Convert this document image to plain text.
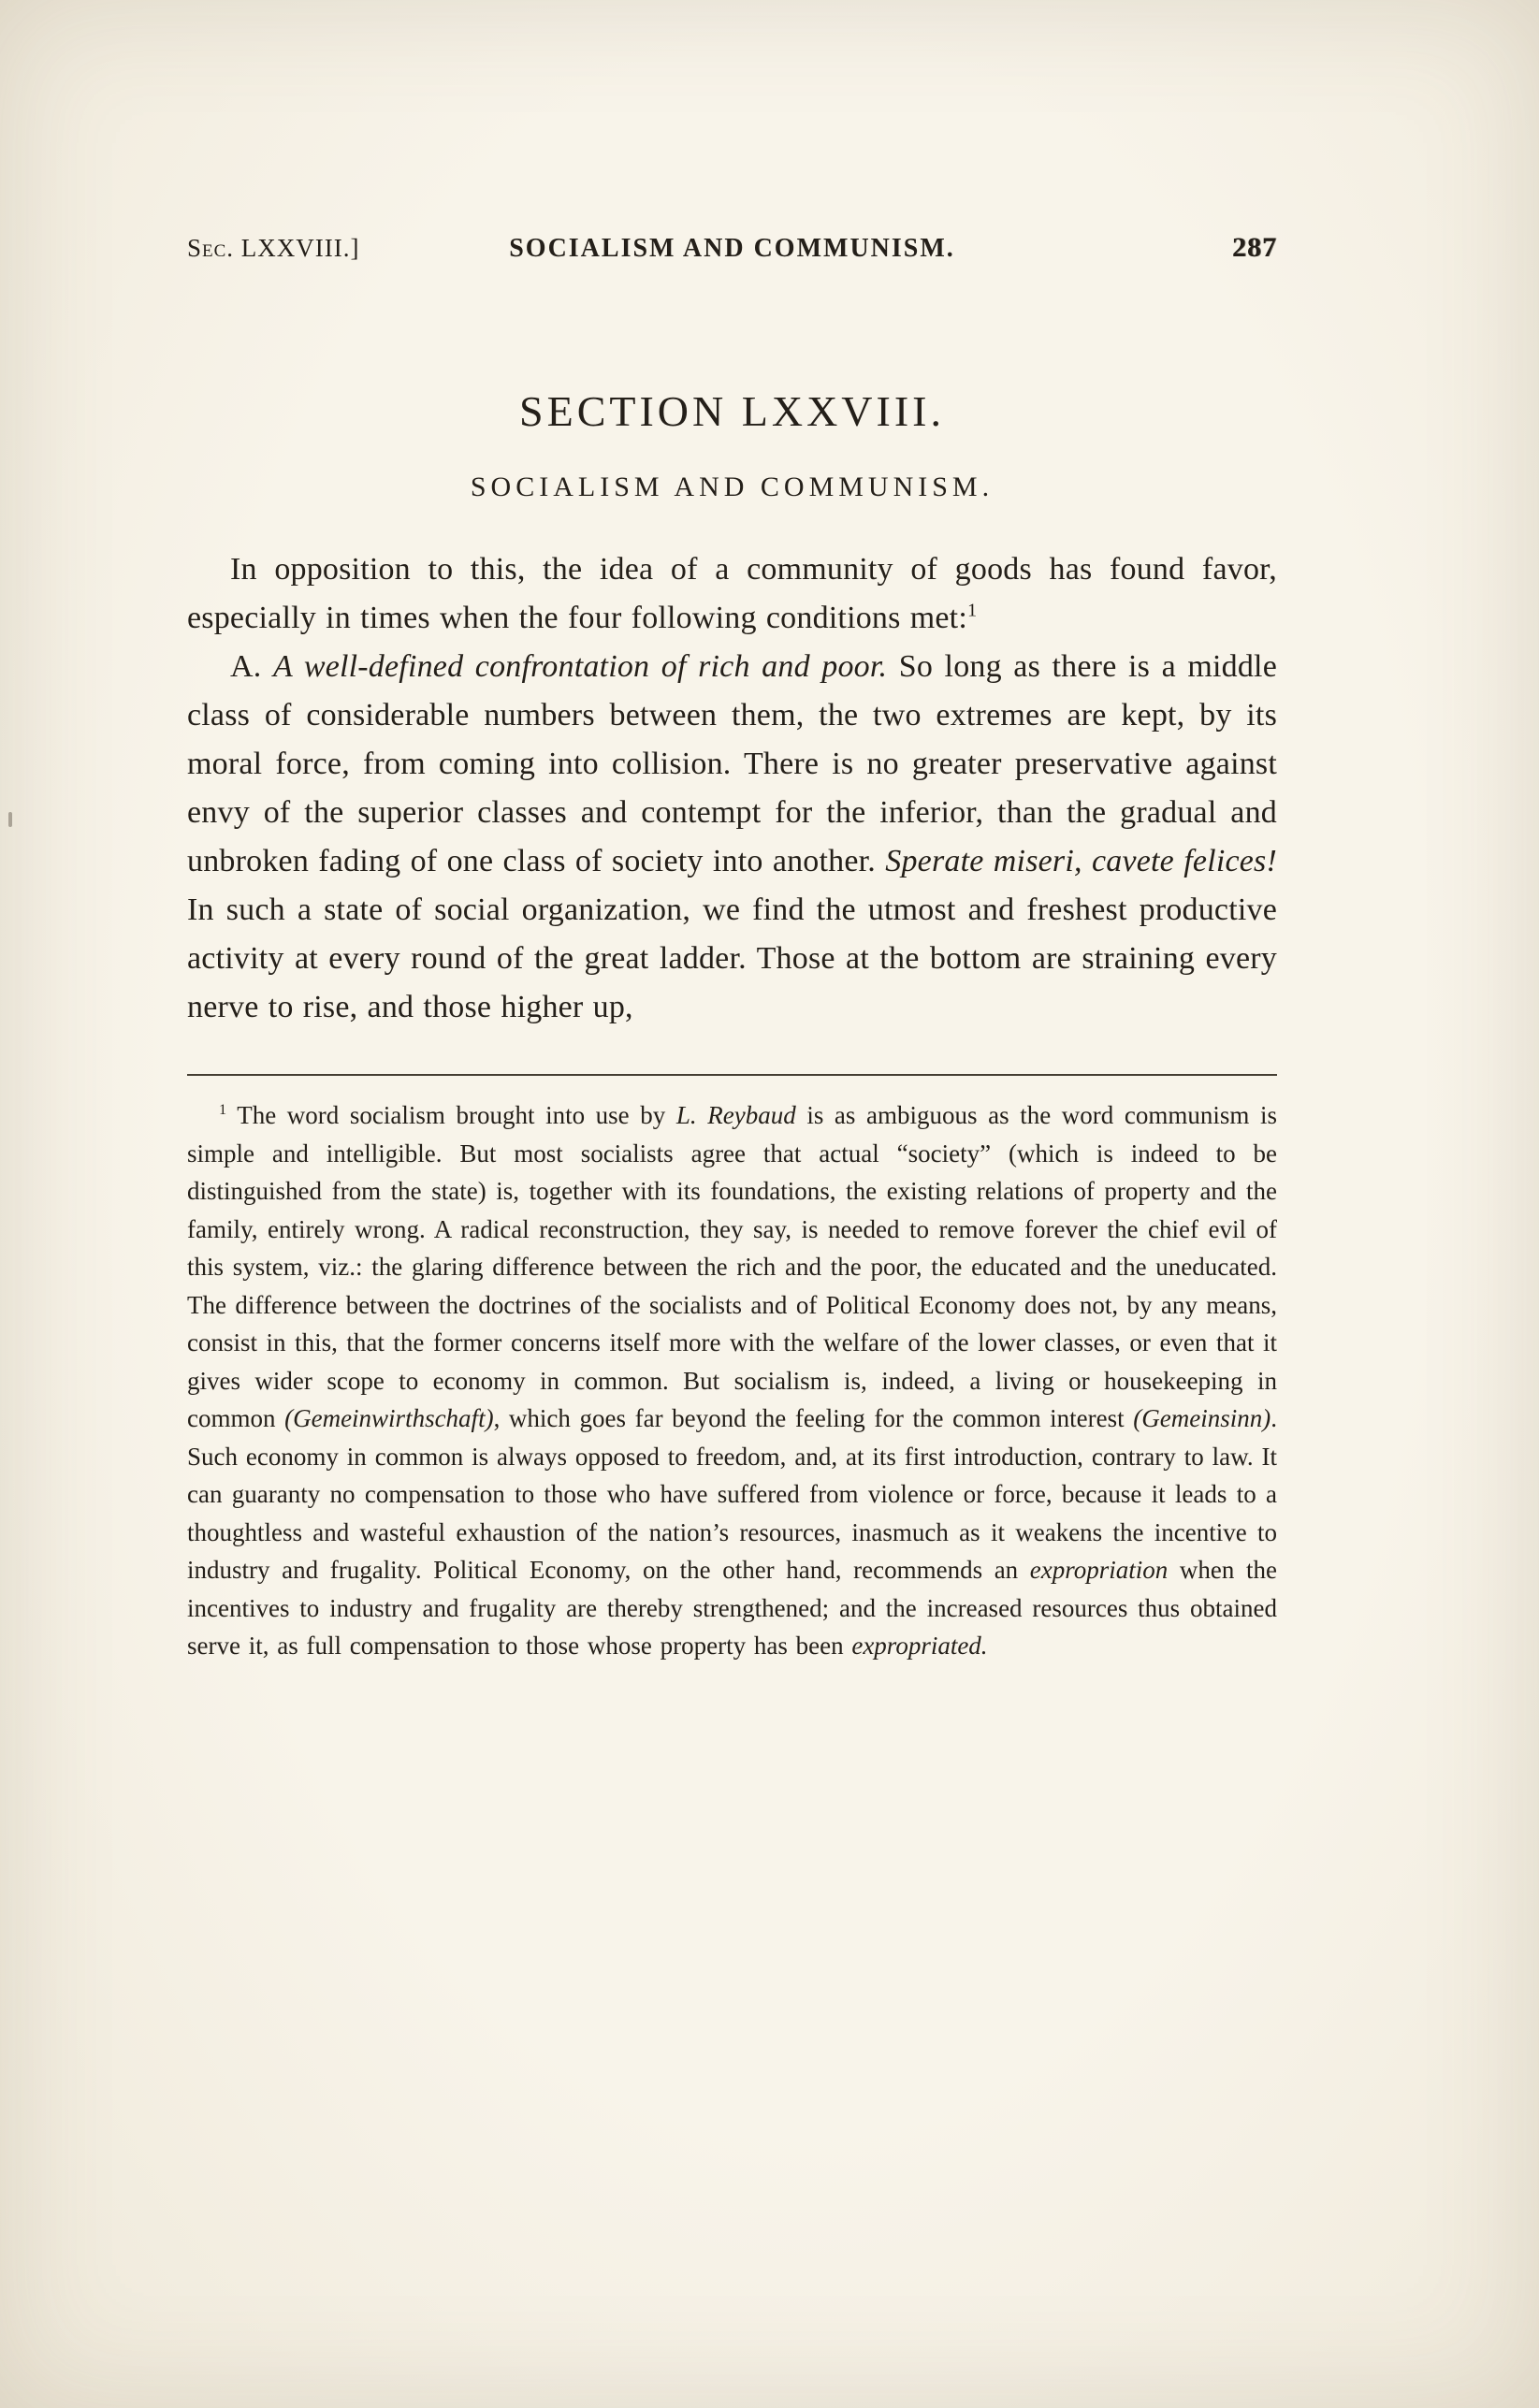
Sec. LXXVIII.]	SOCIALISM AND COMMUNISM.	287
SECTION LXXVIII.
SOCIALISM AND COMMUNISM.

In opposition to this, the idea of a community of goods has found favor, especially in times when the four following conditions met:$^1$

A. A well-defined confrontation of rich and poor. So long as there is a middle class of considerable numbers between them, the two extremes are kept, by its moral force, from coming into collision. There is no greater preservative against envy of the superior classes and contempt for the inferior, than the gradual and unbroken fading of one class of society into another. Sperate miseri, cavete felices! In such a state of social organization, we find the utmost and freshest productive activity at every round of the great ladder. Those at the bottom are straining every nerve to rise, and those higher up,

$^1$ The word socialism brought into use by L. Reybaud is as ambiguous as the word communism is simple and intelligible. But most socialists agree that actual “society” (which is indeed to be distinguished from the state) is, together with its foundations, the existing relations of property and the family, entirely wrong. A radical reconstruction, they say, is needed to remove forever the chief evil of this system, viz.: the glaring difference between the rich and the poor, the educated and the uneducated. The difference between the doctrines of the socialists and of Political Economy does not, by any means, consist in this, that the former concerns itself more with the welfare of the lower classes, or even that it gives wider scope to economy in common. But socialism is, indeed, a living or housekeeping in common (Gemeinwirthschaft), which goes far beyond the feeling for the common interest (Gemeinsinn). Such economy in common is always opposed to freedom, and, at its first introduction, contrary to law. It can guaranty no compensation to those who have suffered from violence or force, because it leads to a thoughtless and wasteful exhaustion of the nation’s resources, inasmuch as it weakens the incentive to industry and frugality. Political Economy, on the other hand, recommends an expropriation when the incentives to industry and frugality are thereby strengthened; and the increased resources thus obtained serve it, as full compensation to those whose property has been expropriated.
